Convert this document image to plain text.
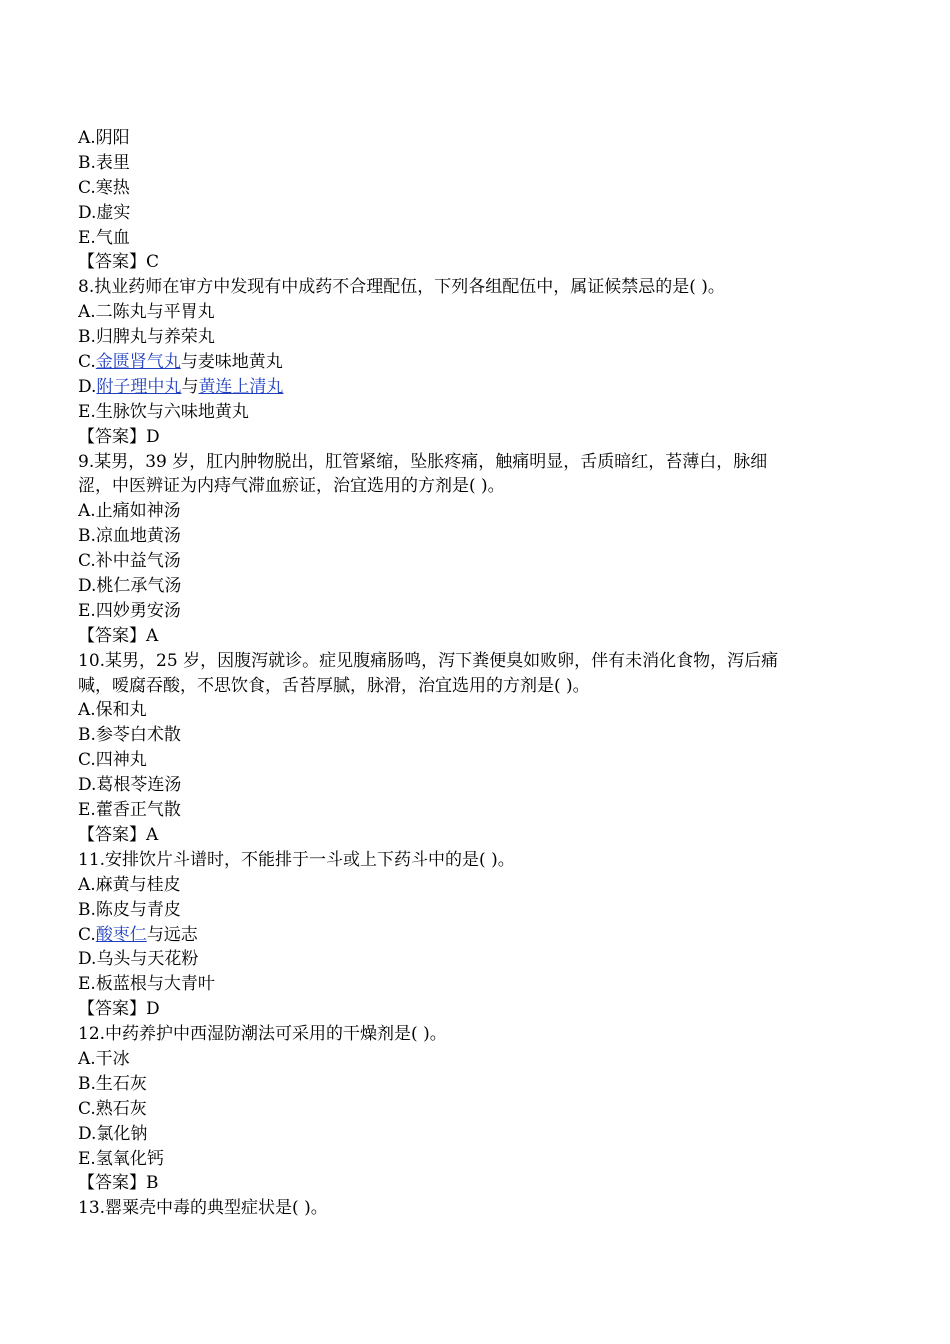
A.阴阳
B.表里
C.寒热
D.虚实
E.气血
【答案】C
8.执业药师在审方中发现有中成药不合理配伍，下列各组配伍中，属证候禁忌的是( )。
A.二陈丸与平胃丸
B.归脾丸与养荣丸
C.金匮肾气丸与麦味地黄丸
D.附子理中丸与黄连上清丸
E.生脉饮与六味地黄丸
【答案】D
9.某男，39 岁，肛内肿物脱出，肛管紧缩，坠胀疼痛，触痛明显，舌质暗红，苔薄白，脉细
涩，中医辨证为内痔气滞血瘀证，治宜选用的方剂是( )。
A.止痛如神汤
B.凉血地黄汤
C.补中益气汤
D.桃仁承气汤
E.四妙勇安汤
【答案】A
10.某男，25 岁，因腹泻就诊。症见腹痛肠鸣，泻下粪便臭如败卵，伴有未消化食物，泻后痛
喊，嗳腐吞酸，不思饮食，舌苔厚腻，脉滑，治宜选用的方剂是( )。
A.保和丸
B.参苓白术散
C.四神丸
D.葛根苓连汤
E.藿香正气散
【答案】A
11.安排饮片斗谱时，不能排于一斗或上下药斗中的是( )。
A.麻黄与桂皮
B.陈皮与青皮
C.酸枣仁与远志
D.乌头与天花粉
E.板蓝根与大青叶
【答案】D
12.中药养护中西湿防潮法可采用的干燥剂是( )。
A.干冰
B.生石灰
C.熟石灰
D.氯化钠
E.氢氧化钙
【答案】B
13.罂粟壳中毒的典型症状是( )。
